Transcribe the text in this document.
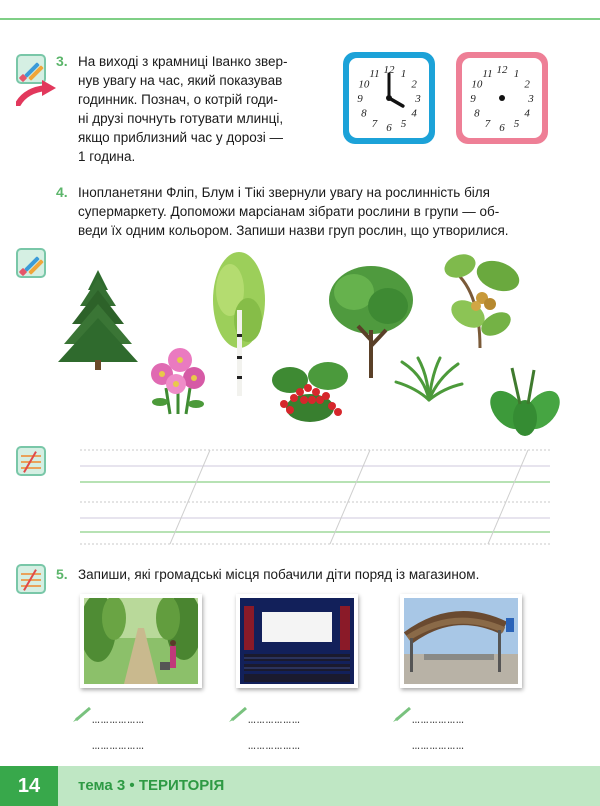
3. На виході з крамниці Іванко звер-

нув увагу на час, який показував

годинник. Познач, о котрій годи-

ні друзі почнуть готувати млинці,

якщо приблизний час у дорозі —

1 година.

12 1
2
3
4
5
6
7
8
9
10
11	12 1
2
3
4
5
6
7
8
9
10
11
4. Інопланетяни Фліп, Блум і Тікі звернули увагу на рослинність біля

супермаркету. Допоможи марсіанам зібрати рослини в групи — об-

веди їх одним кольором. Запиши назви груп рослин, що утворилися.

5. Запиши, які громадські місця побачили діти поряд із магазином.
………………
………………
………………
………………
………………
………………
14	тема 3 • ТЕРИТОРІЯ
